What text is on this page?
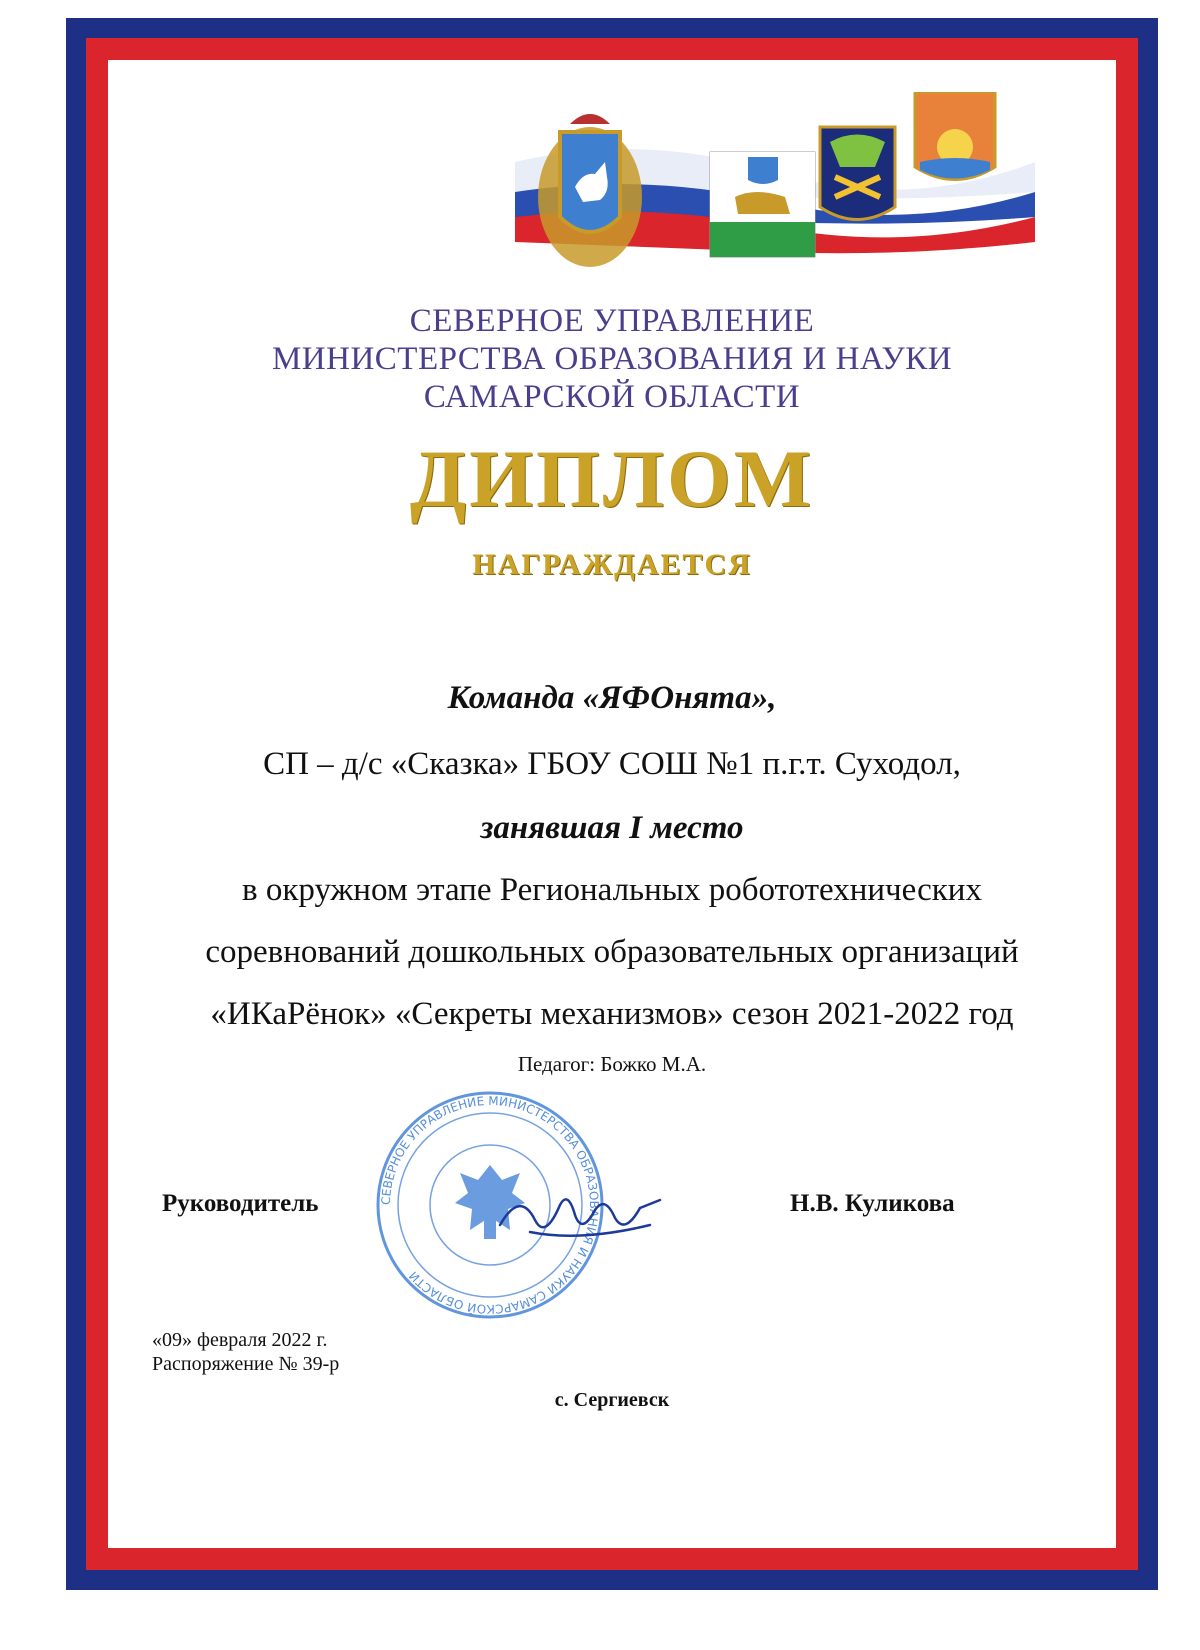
СЕВЕРНОЕ УПРАВЛЕНИЕ
МИНИСТЕРСТВА ОБРАЗОВАНИЯ И НАУКИ
САМАРСКОЙ ОБЛАСТИ
ДИПЛОМ
НАГРАЖДАЕТСЯ
Команда «ЯФОнята»,
СП – д/с «Сказка» ГБОУ СОШ №1 п.г.т. Суходол,
занявшая I место
в окружном этапе Региональных робототехнических
соревнований дошкольных образовательных организаций
«ИКаРёнок» «Секреты механизмов» сезон 2021-2022 год
Педагог: Божко М.А.
СЕВЕРНОЕ УПРАВЛЕНИЕ МИНИСТЕРСТВА ОБРАЗОВАНИЯ И НАУКИ САМАРСКОЙ ОБЛАСТИ
Руководитель	Н.В. Куликова
«09» февраля 2022 г.
Распоряжение № 39-р
с. Сергиевск
